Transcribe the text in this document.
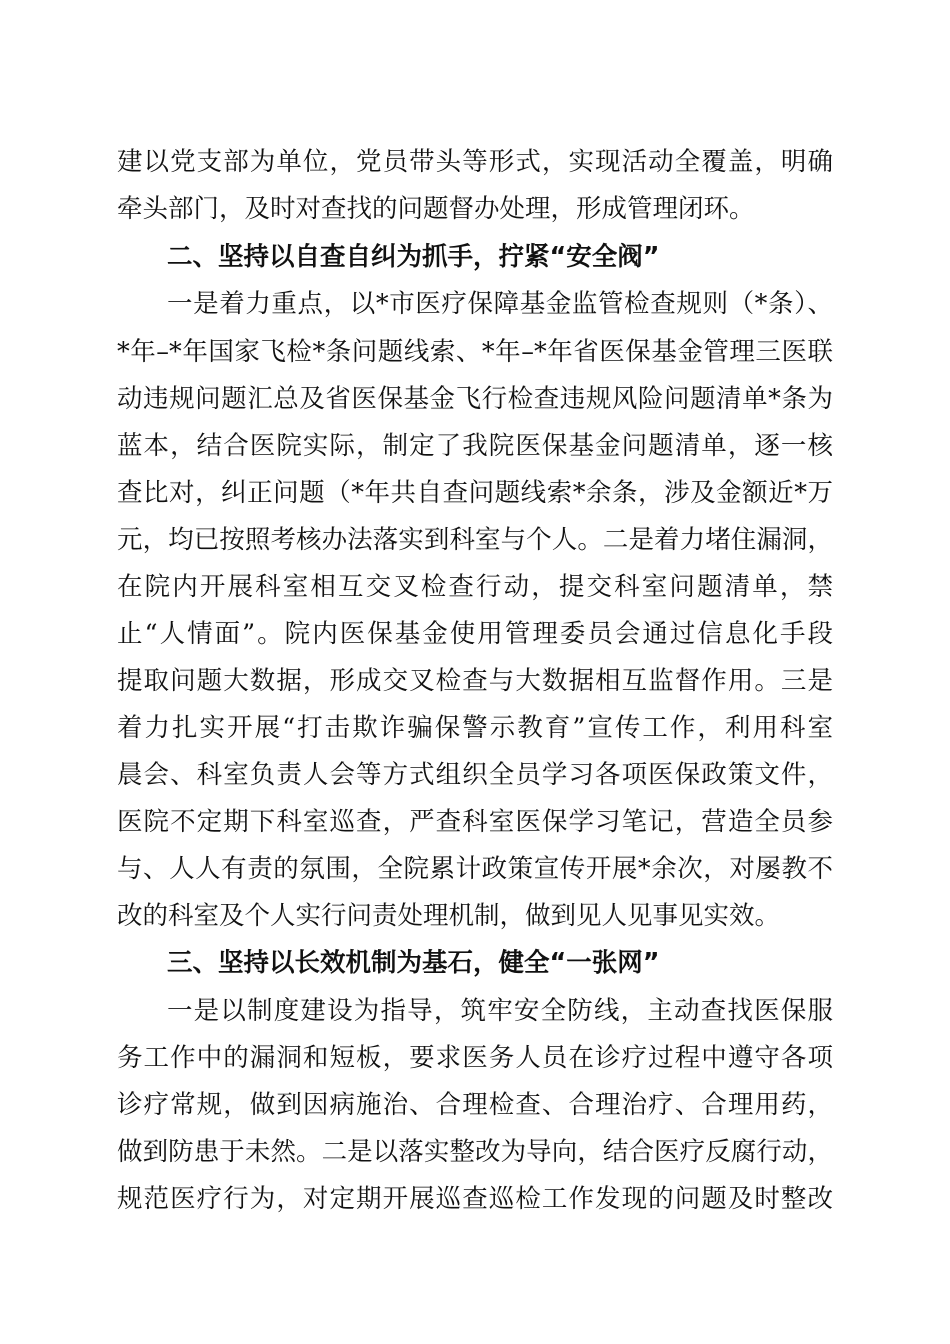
建以党支部为单位，党员带头等形式，实现活动全覆盖，明确
牵头部门，及时对查找的问题督办处理，形成管理闭环。
二、坚持以自查自纠为抓手，拧紧“安全阀”
一是着力重点，以*市医疗保障基金监管检查规则（*条）、
*年–*年国家飞检*条问题线索、*年–*年省医保基金管理三医联
动违规问题汇总及省医保基金飞行检查违规风险问题清单*条为
蓝本，结合医院实际，制定了我院医保基金问题清单，逐一核
查比对，纠正问题（*年共自查问题线索*余条，涉及金额近*万
元，均已按照考核办法落实到科室与个人。二是着力堵住漏洞，
在院内开展科室相互交叉检查行动，提交科室问题清单，禁
止“人情面”。院内医保基金使用管理委员会通过信息化手段
提取问题大数据，形成交叉检查与大数据相互监督作用。三是
着力扎实开展“打击欺诈骗保警示教育”宣传工作，利用科室
晨会、科室负责人会等方式组织全员学习各项医保政策文件，
医院不定期下科室巡查，严查科室医保学习笔记，营造全员参
与、人人有责的氛围，全院累计政策宣传开展*余次，对屡教不
改的科室及个人实行问责处理机制，做到见人见事见实效。
三、坚持以长效机制为基石，健全“一张网”
一是以制度建设为指导，筑牢安全防线，主动查找医保服
务工作中的漏洞和短板，要求医务人员在诊疗过程中遵守各项
诊疗常规，做到因病施治、合理检查、合理治疗、合理用药，
做到防患于未然。二是以落实整改为导向，结合医疗反腐行动，
规范医疗行为，对定期开展巡查巡检工作发现的问题及时整改
